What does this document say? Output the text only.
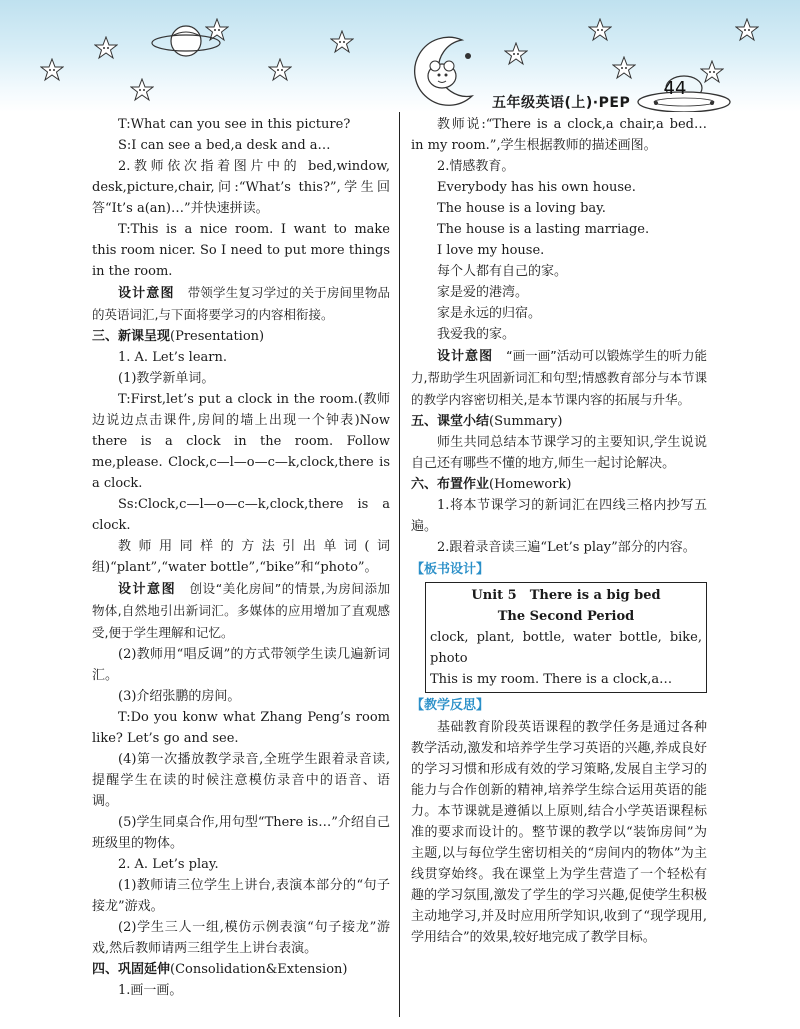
五年级英语(上)·PEP
44

T:What can you see in this picture?

S:I can see a bed,a desk and a…

2.教师依次指着图片中的 bed,window, desk,picture,chair,问:“What’s this?”,学生回答“It’s a(an)…”并快速拼读。

T:This is a nice room. I want to make this room nicer. So I need to put more things in the room.

设计意图　 带领学生复习学过的关于房间里物品的英语词汇,与下面将要学习的内容相衔接。

三、新课呈现(Presentation)

1. A. Let’s learn.

(1)教学新单词。

T:First,let’s put a clock in the room.(教师边说边点击课件,房间的墙上出现一个钟表)Now there is a clock in the room. Follow me,please. Clock,c—l—o—c—k,clock,there is a clock.

Ss:Clock,c—l—o—c—k,clock,there is a clock.

教师用同样的方法引出单词(词组)“plant”,“water bottle”,“bike”和“photo”。

设计意图　 创设“美化房间”的情景,为房间添加物体,自然地引出新词汇。多媒体的应用增加了直观感受,便于学生理解和记忆。

(2)教师用“唱反调”的方式带领学生读几遍新词汇。

(3)介绍张鹏的房间。

T:Do you konw what Zhang Peng’s room like? Let’s go and see.

(4)第一次播放教学录音,全班学生跟着录音读,提醒学生在读的时候注意模仿录音中的语音、语调。

(5)学生同桌合作,用句型“There is…”介绍自己班级里的物体。

2. A. Let’s play.

(1)教师请三位学生上讲台,表演本部分的“句子接龙”游戏。

(2)学生三人一组,模仿示例表演“句子接龙”游戏,然后教师请两三组学生上讲台表演。

四、巩固延伸(Consolidation&Extension)

1.画一画。

教师说:“There is a clock,a chair,a bed… in my room.”,学生根据教师的描述画图。

2.情感教育。

Everybody has his own house.

The house is a loving bay.

The house is a lasting marriage.

I love my house.

每个人都有自己的家。

家是爱的港湾。

家是永远的归宿。

我爱我的家。

设计意图　 “画一画”活动可以锻炼学生的听力能力,帮助学生巩固新词汇和句型;情感教育部分与本节课的教学内容密切相关,是本节课内容的拓展与升华。

五、课堂小结(Summary)

师生共同总结本节课学习的主要知识,学生说说自己还有哪些不懂的地方,师生一起讨论解决。

六、布置作业(Homework)

1.将本节课学习的新词汇在四线三格内抄写五遍。

2.跟着录音读三遍“Let’s play”部分的内容。

【板书设计】

Unit 5　There is a big bed

The Second Period

clock, plant, bottle, water bottle, bike, photo

This is my room. There is a clock,a…

【教学反思】

基础教育阶段英语课程的教学任务是通过各种教学活动,激发和培养学生学习英语的兴趣,养成良好的学习习惯和形成有效的学习策略,发展自主学习的能力与合作创新的精神,培养学生综合运用英语的能力。本节课就是遵循以上原则,结合小学英语课程标准的要求而设计的。整节课的教学以“装饰房间”为主题,以与每位学生密切相关的“房间内的物体”为主线贯穿始终。我在课堂上为学生营造了一个轻松有趣的学习氛围,激发了学生的学习兴趣,促使学生积极主动地学习,并及时应用所学知识,收到了“现学现用,学用结合”的效果,较好地完成了教学目标。
